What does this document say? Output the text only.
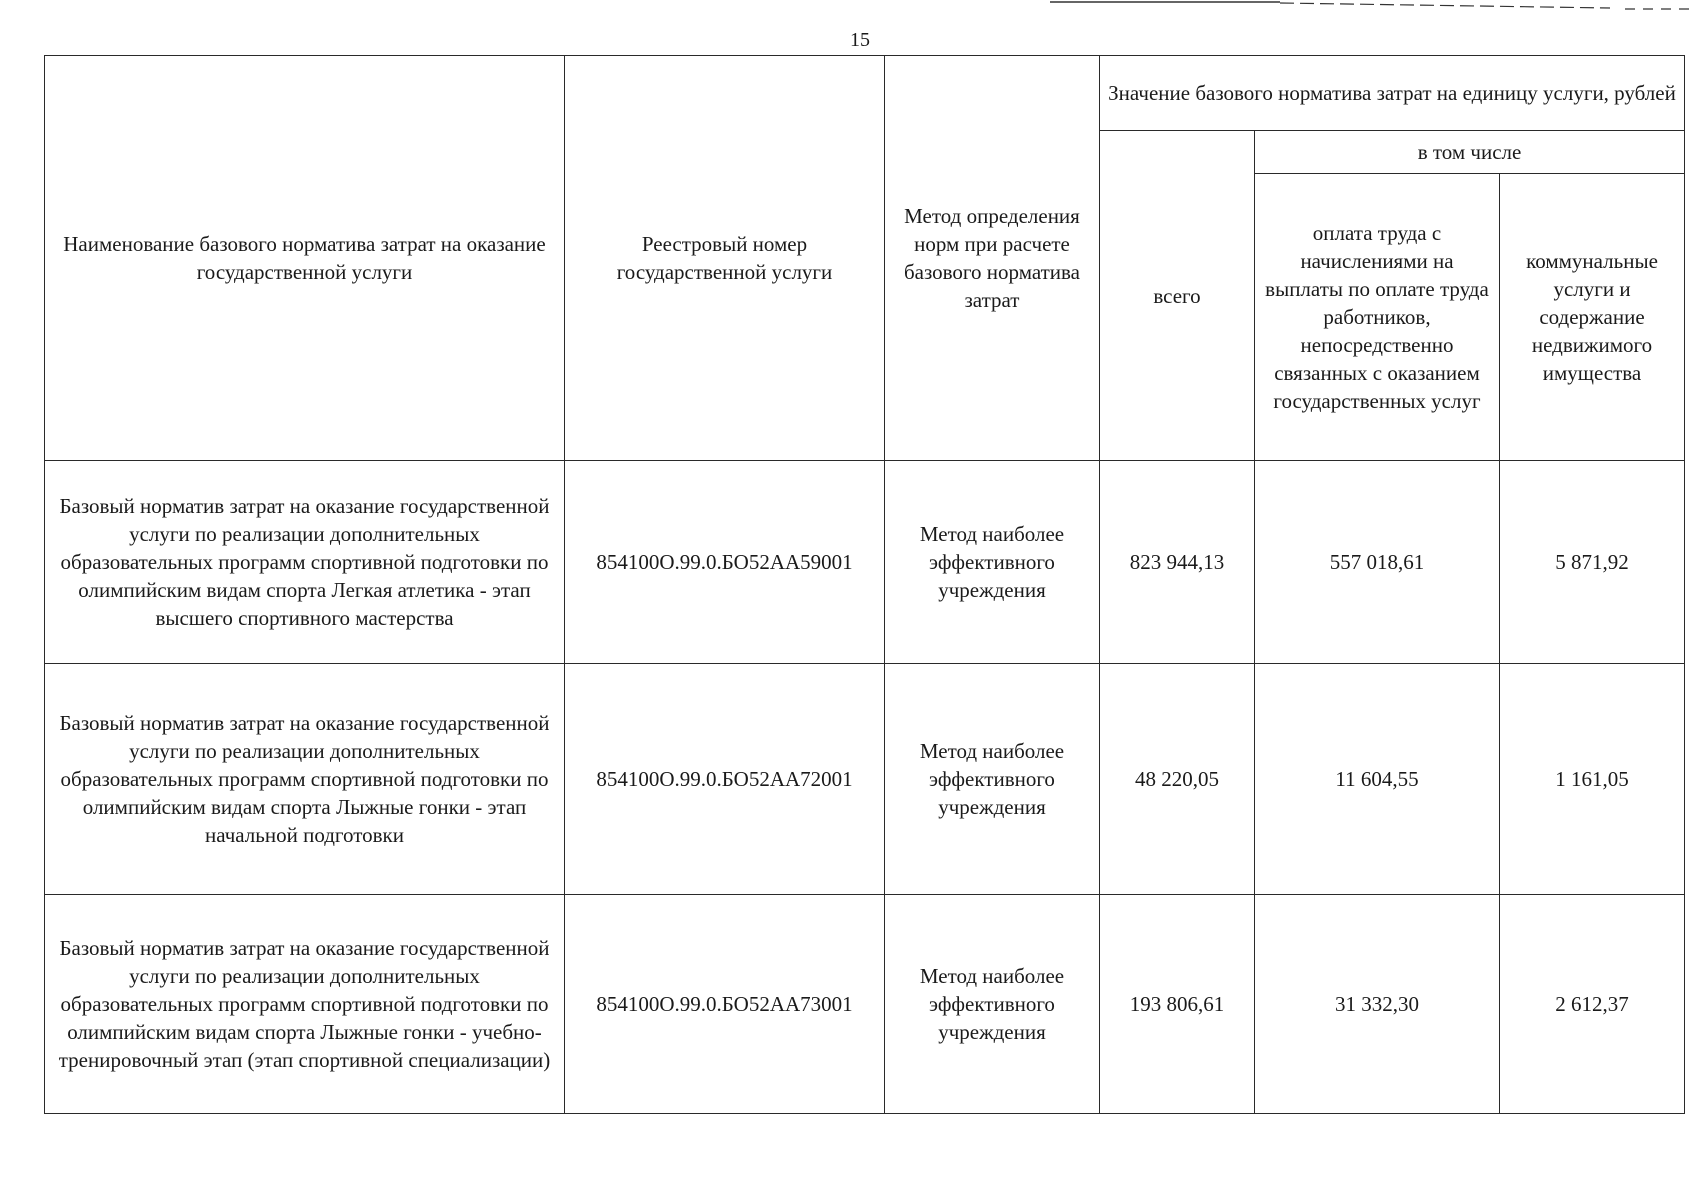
15
Наименование базового норматива затрат на оказание государственной услуги	Реестровый номер государственной услуги	Метод определения норм при расчете базового норматива затрат	Значение базового норматива затрат на единицу услуги, рублей		
			всего	в том числе	
				оплата труда с начислениями на выплаты по оплате труда работников, непосредственно связанных с оказанием государственных услуг	коммунальные услуги и содержание недвижимого имущества
Базовый норматив затрат на оказание государственной услуги по реализации дополнительных образовательных программ спортивной подготовки по олимпийским видам спорта Легкая атлетика - этап высшего спортивного мастерства	854100О.99.0.БО52АА59001	Метод наиболее эффективного учреждения	823 944,13	557 018,61	5 871,92
Базовый норматив затрат на оказание государственной услуги по реализации дополнительных образовательных программ спортивной подготовки по олимпийским видам спорта Лыжные гонки - этап начальной подготовки	854100О.99.0.БО52АА72001	Метод наиболее эффективного учреждения	48 220,05	11 604,55	1 161,05
Базовый норматив затрат на оказание государственной услуги по реализации дополнительных образовательных программ спортивной подготовки по олимпийским видам спорта Лыжные гонки - учебно-тренировочный этап (этап спортивной специализации)	854100О.99.0.БО52АА73001	Метод наиболее эффективного учреждения	193 806,61	31 332,30	2 612,37
